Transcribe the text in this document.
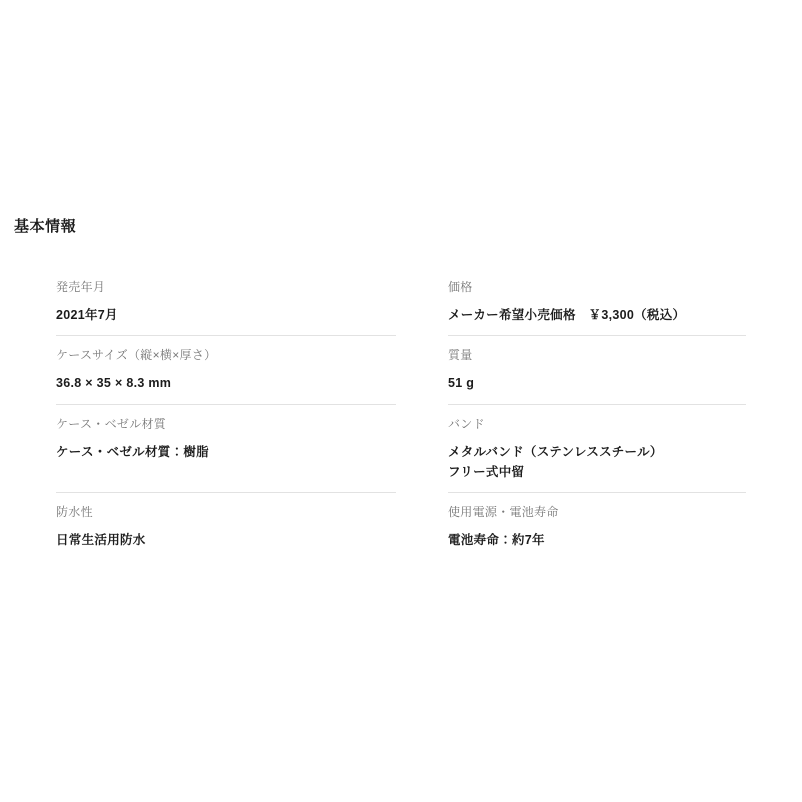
基本情報
発売年月
2021年7月
価格
メーカー希望小売価格　￥3,300（税込）
ケースサイズ（縦×横×厚さ）
36.8 × 35 × 8.3 mm
質量
51 g
ケース・ベゼル材質
ケース・ベゼル材質：樹脂
バンド
メタルバンド（ステンレススチール）
フリー式中留
防水性
日常生活用防水
使用電源・電池寿命
電池寿命：約7年
